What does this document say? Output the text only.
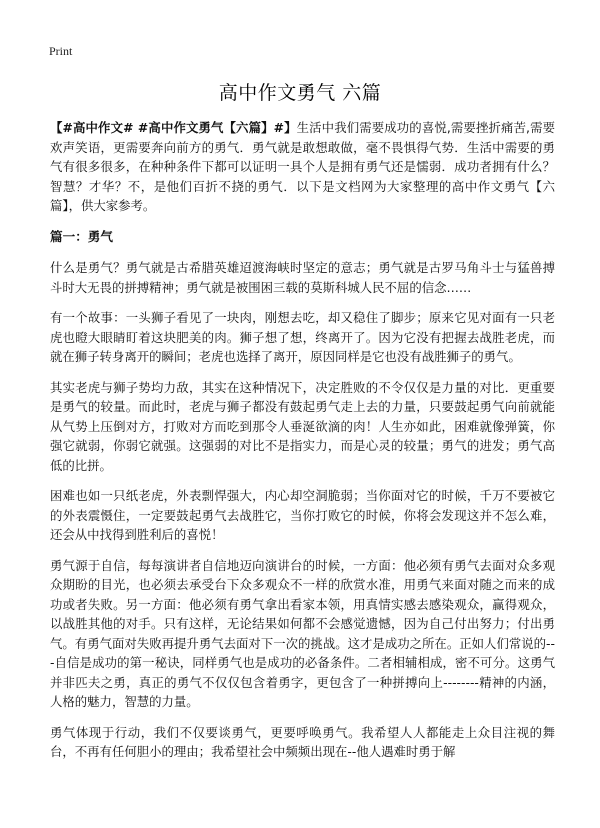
Print
高中作文勇气 六篇

【#高中作文# #高中作文勇气【六篇】#】生活中我们需要成功的喜悦,需要挫折痛苦,需要欢声笑语，更需要奔向前方的勇气．勇气就是敢想敢做，毫不畏惧得气势．生活中需要的勇气有很多很多，在种种条件下都可以证明一具个人是拥有勇气还是懦弱．成功者拥有什么？智慧？才华？不，是他们百折不挠的勇气．以下是文档网为大家整理的高中作文勇气【六篇】，供大家参考。

篇一：勇气

什么是勇气？勇气就是古希腊英雄迢渡海峡时坚定的意志；勇气就是古罗马角斗士与猛兽搏斗时大无畏的拼搏精神；勇气就是被围困三载的莫斯科城人民不屈的信念……

有一个故事：一头狮子看见了一块肉，刚想去吃，却又稳住了脚步；原来它见对面有一只老虎也瞪大眼睛盯着这块肥美的肉。狮子想了想，终离开了。因为它没有把握去战胜老虎，而就在狮子转身离开的瞬间；老虎也选择了离开，原因同样是它也没有战胜狮子的勇气。

其实老虎与狮子势均力敌，其实在这种情况下，决定胜败的不令仅仅是力量的对比．更重要是勇气的较量。而此时，老虎与狮子都没有鼓起勇气走上去的力量，只要鼓起勇气向前就能从气势上压倒对方，打败对方而吃到那令人垂涎欲滴的肉！人生亦如此，困难就像弹簧，你强它就弱，你弱它就强。这强弱的对比不是指实力，而是心灵的较量；勇气的进发；勇气高低的比拼。

困难也如一只纸老虎，外表剽悍强大，内心却空洞脆弱；当你面对它的时候，千万不要被它的外表震慑住，一定要鼓起勇气去战胜它，当你打败它的时候，你将会发现这并不怎么难，还会从中找得到胜利后的喜悦！

勇气源于自信，每每演讲者自信地迈向演讲台的时候，一方面：他必须有勇气去面对众多观众期盼的目光，也必须去承受台下众多观众不一样的欣赏水准，用勇气来面对随之而来的成功或者失败。另一方面：他必须有勇气拿出看家本领，用真情实感去感染观众，赢得观众，以战胜其他的对手。只有这样，无论结果如何都不会感觉遗憾，因为自己付出努力；付出勇气。有勇气面对失败再提升勇气去面对下一次的挑战。这才是成功之所在。正如人们常说的---自信是成功的第一秘诀，同样勇气也是成功的必备条件。二者相辅相成，密不可分。这勇气并非匹夫之勇，真正的勇气不仅仅包含着勇字，更包含了一种拼搏向上--------精神的内涵，人格的魅力，智慧的力量。

勇气体现于行动，我们不仅要谈勇气，更要呼唤勇气。我希望人人都能走上众目注视的舞台，不再有任何胆小的理由；我希望社会中频频出现在--他人遇难时勇于解
